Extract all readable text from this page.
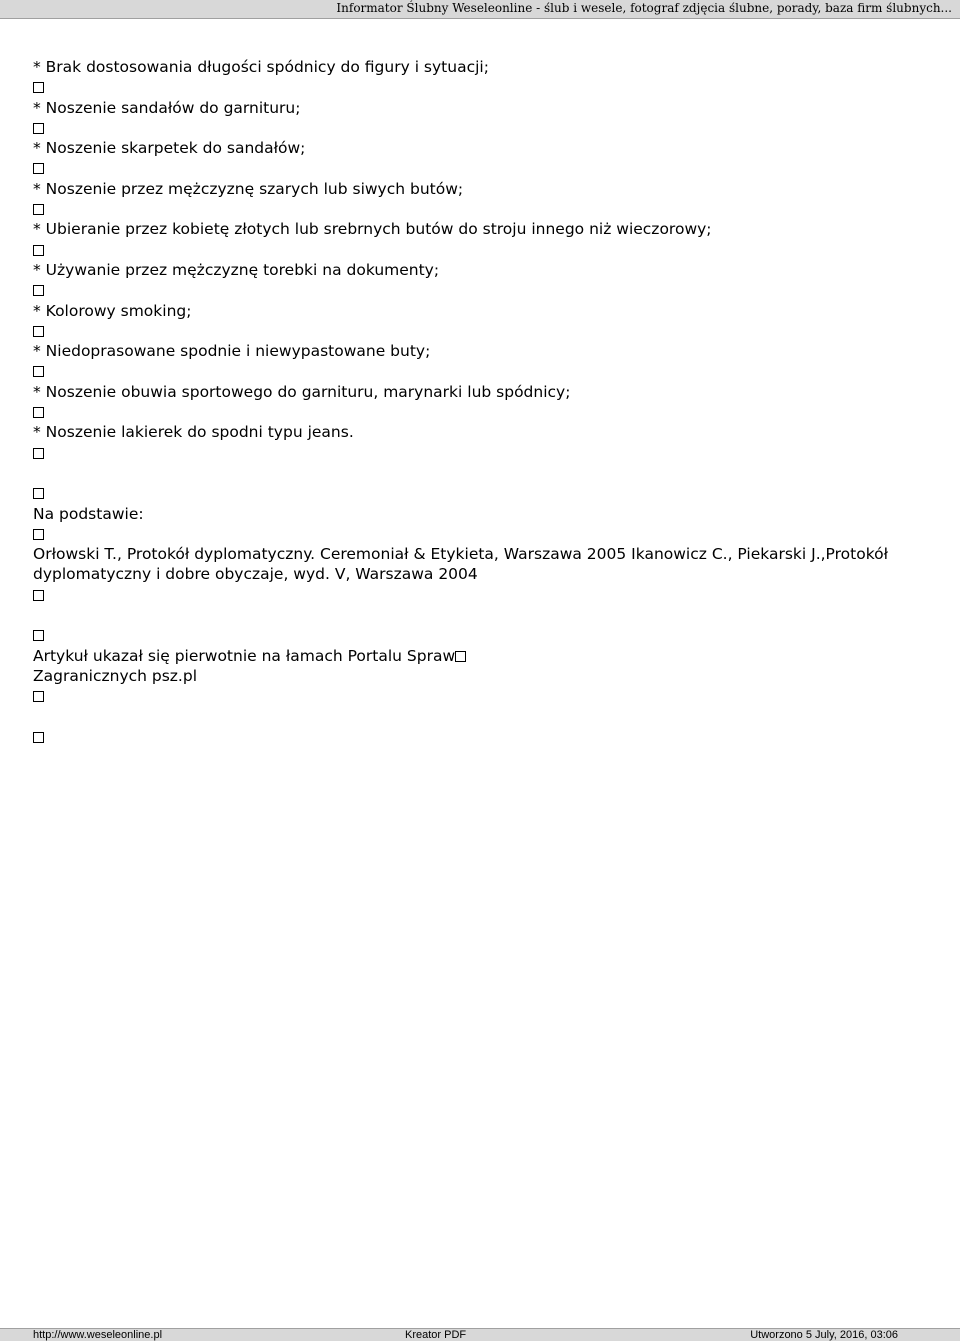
Informator Ślubny Weseleonline - ślub i wesele, fotograf zdjęcia ślubne, porady, baza firm ślubnych...
* Brak dostosowania długości spódnicy do figury i sytuacji;
* Noszenie sandałów do garnituru;
* Noszenie skarpetek do sandałów;
* Noszenie przez mężczyznę szarych lub siwych butów;
* Ubieranie przez kobietę złotych lub srebrnych butów do stroju innego niż wieczorowy;
* Używanie przez mężczyznę torebki na dokumenty;
* Kolorowy smoking;
* Niedoprasowane spodnie i niewypastowane buty;
* Noszenie obuwia sportowego do garnituru, marynarki lub spódnicy;
* Noszenie lakierek do spodni typu jeans.
Na podstawie:
Orłowski T., Protokół dyplomatyczny. Ceremoniał & Etykieta, Warszawa 2005 Ikanowicz C., Piekarski J.,Protokół dyplomatyczny i dobre obyczaje, wyd. V, Warszawa 2004
Artykuł ukazał się pierwotnie na łamach Portalu Spraw
Zagranicznych psz.pl
http://www.weseleonline.pl	Kreator PDF	Utworzono 5 July, 2016, 03:06
